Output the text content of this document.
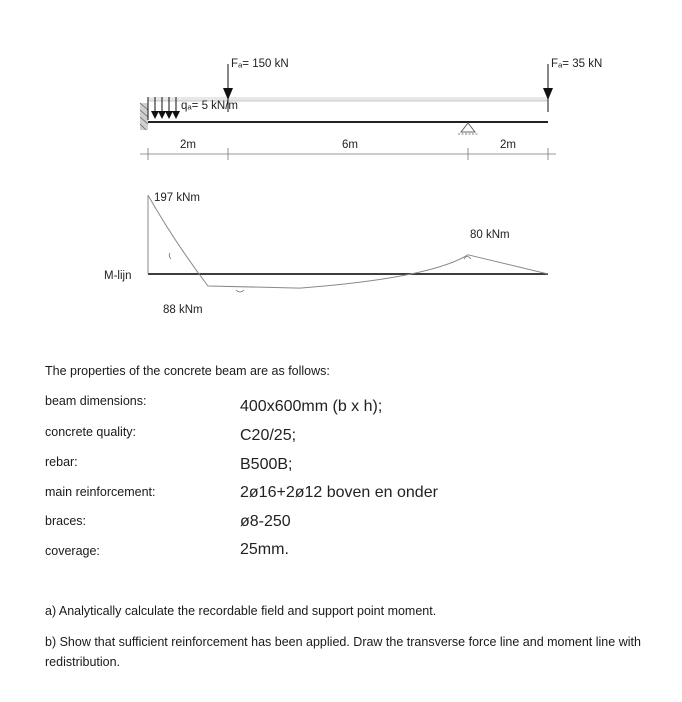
qₐ= 5 kN/m
Fₐ= 150 kN	Fₐ= 35 kN
2m	6m	2m
M-lijn
197 kNm
80 kNm
88 kNm
The properties of the concrete beam are as follows:
beam dimensions:	400x600mm (b x h);
concrete quality:	C20/25;
rebar:	B500B;
main reinforcement:	2ø16+2ø12 boven en onder
braces:	ø8-250
coverage:	25mm.
a) Analytically calculate the recordable field and support point moment.
b) Show that sufficient reinforcement has been applied. Draw the transverse force line and moment line with redistribution.
